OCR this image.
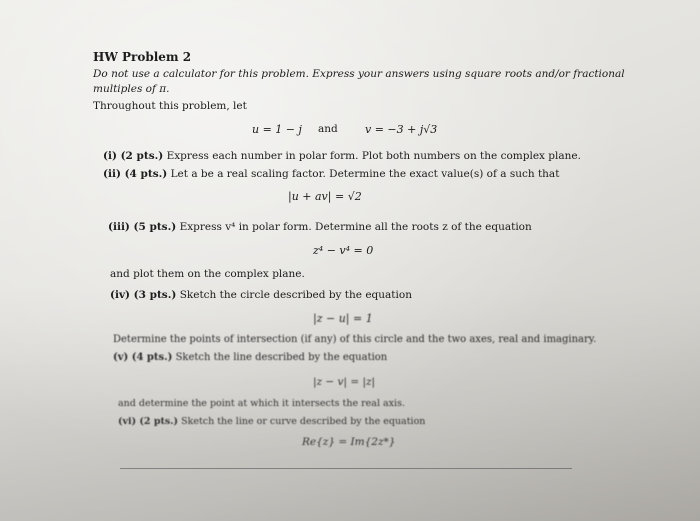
HW Problem 2
Do not use a calculator for this problem. Express your answers using square roots and/or fractional
multiples of π.
Throughout this problem, let
u = 1 − j and v = −3 + j√3
(i) (2 pts.) Express each number in polar form. Plot both numbers on the complex plane.
(ii) (4 pts.) Let a be a real scaling factor. Determine the exact value(s) of a such that
|u + av| = √2
(iii) (5 pts.) Express v⁴ in polar form. Determine all the roots z of the equation
z⁴ − v⁴ = 0
and plot them on the complex plane.
(iv) (3 pts.) Sketch the circle described by the equation
|z − u| = 1
Determine the points of intersection (if any) of this circle and the two axes, real and imaginary.
(v) (4 pts.) Sketch the line described by the equation
|z − v| = |z|
and determine the point at which it intersects the real axis.
(vi) (2 pts.) Sketch the line or curve described by the equation
Re{z} = Im{2z*}
